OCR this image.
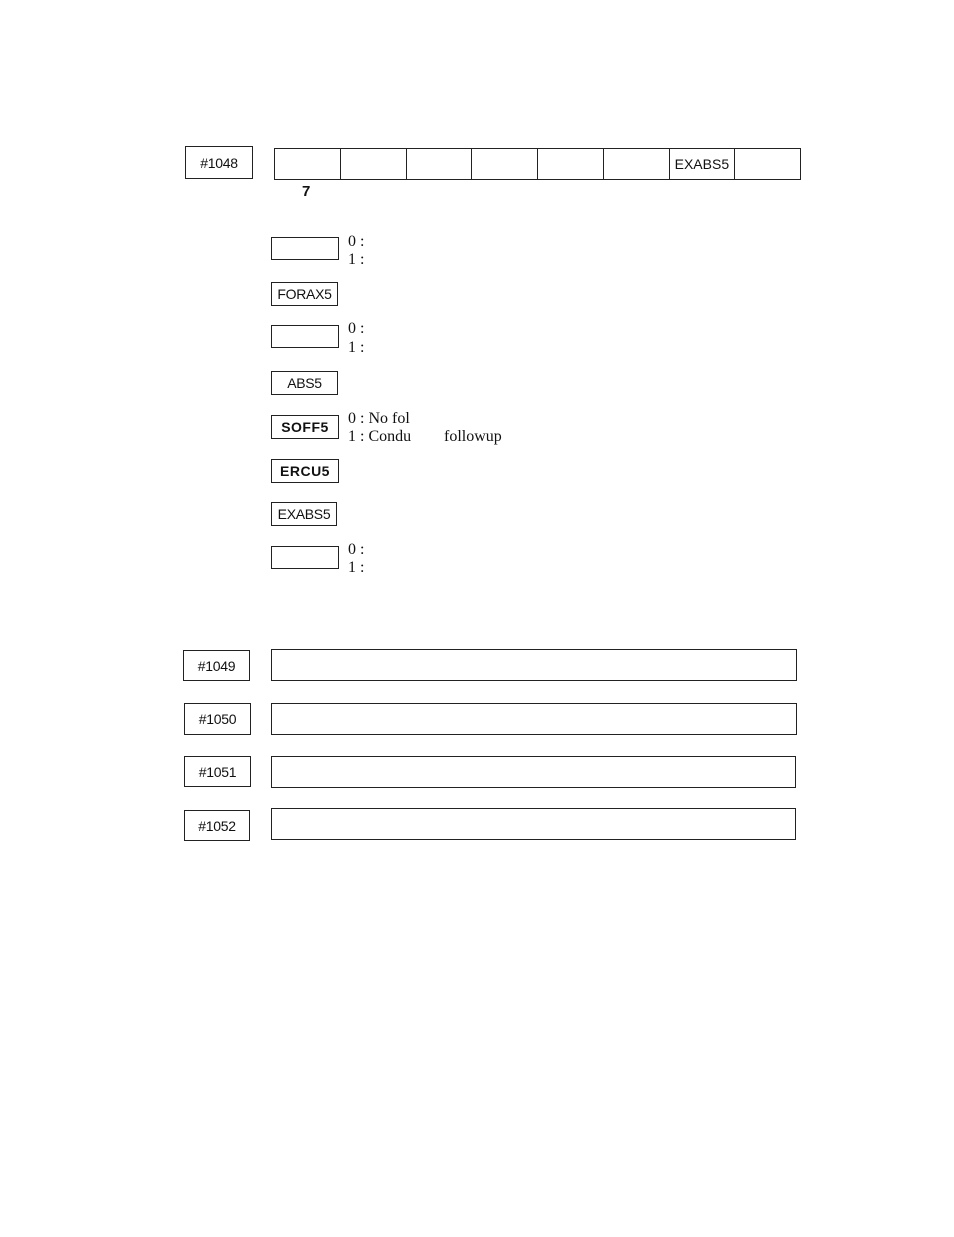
#1048	EXABS5
7
0 :
1 :
FORAX5
0 :
1 :
ABS5
SOFF5	0 : No fol
1 : Condu followup
ERCU5
EXABS5
0 :
1 :
#1049
#1050
#1051
#1052
